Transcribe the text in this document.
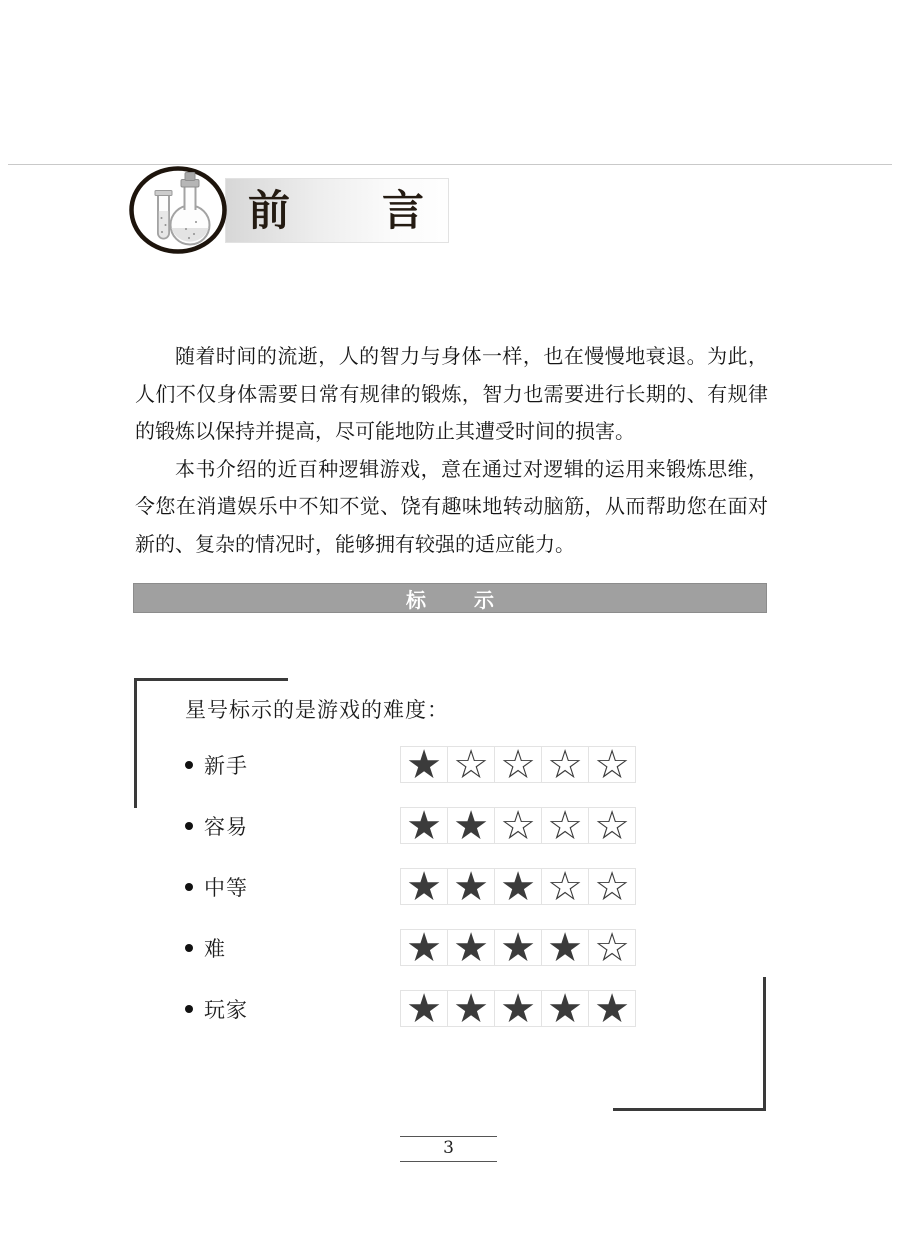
前　言

随着时间的流逝，人的智力与身体一样，也在慢慢地衰退。为此，人们不仅身体需要日常有规律的锻炼，智力也需要进行长期的、有规律的锻炼以保持并提高，尽可能地防止其遭受时间的损害。

本书介绍的近百种逻辑游戏，意在通过对逻辑的运用来锻炼思维，令您在消遣娱乐中不知不觉、饶有趣味地转动脑筋，从而帮助您在面对新的、复杂的情况时，能够拥有较强的适应能力。

标　示
星号标示的是游戏的难度：
新手	★ ☆ ☆ ☆ ☆
容易	★ ★ ☆ ☆ ☆
中等	★ ★ ★ ☆ ☆
难	★ ★ ★ ★ ☆
玩家	★ ★ ★ ★ ★
3
